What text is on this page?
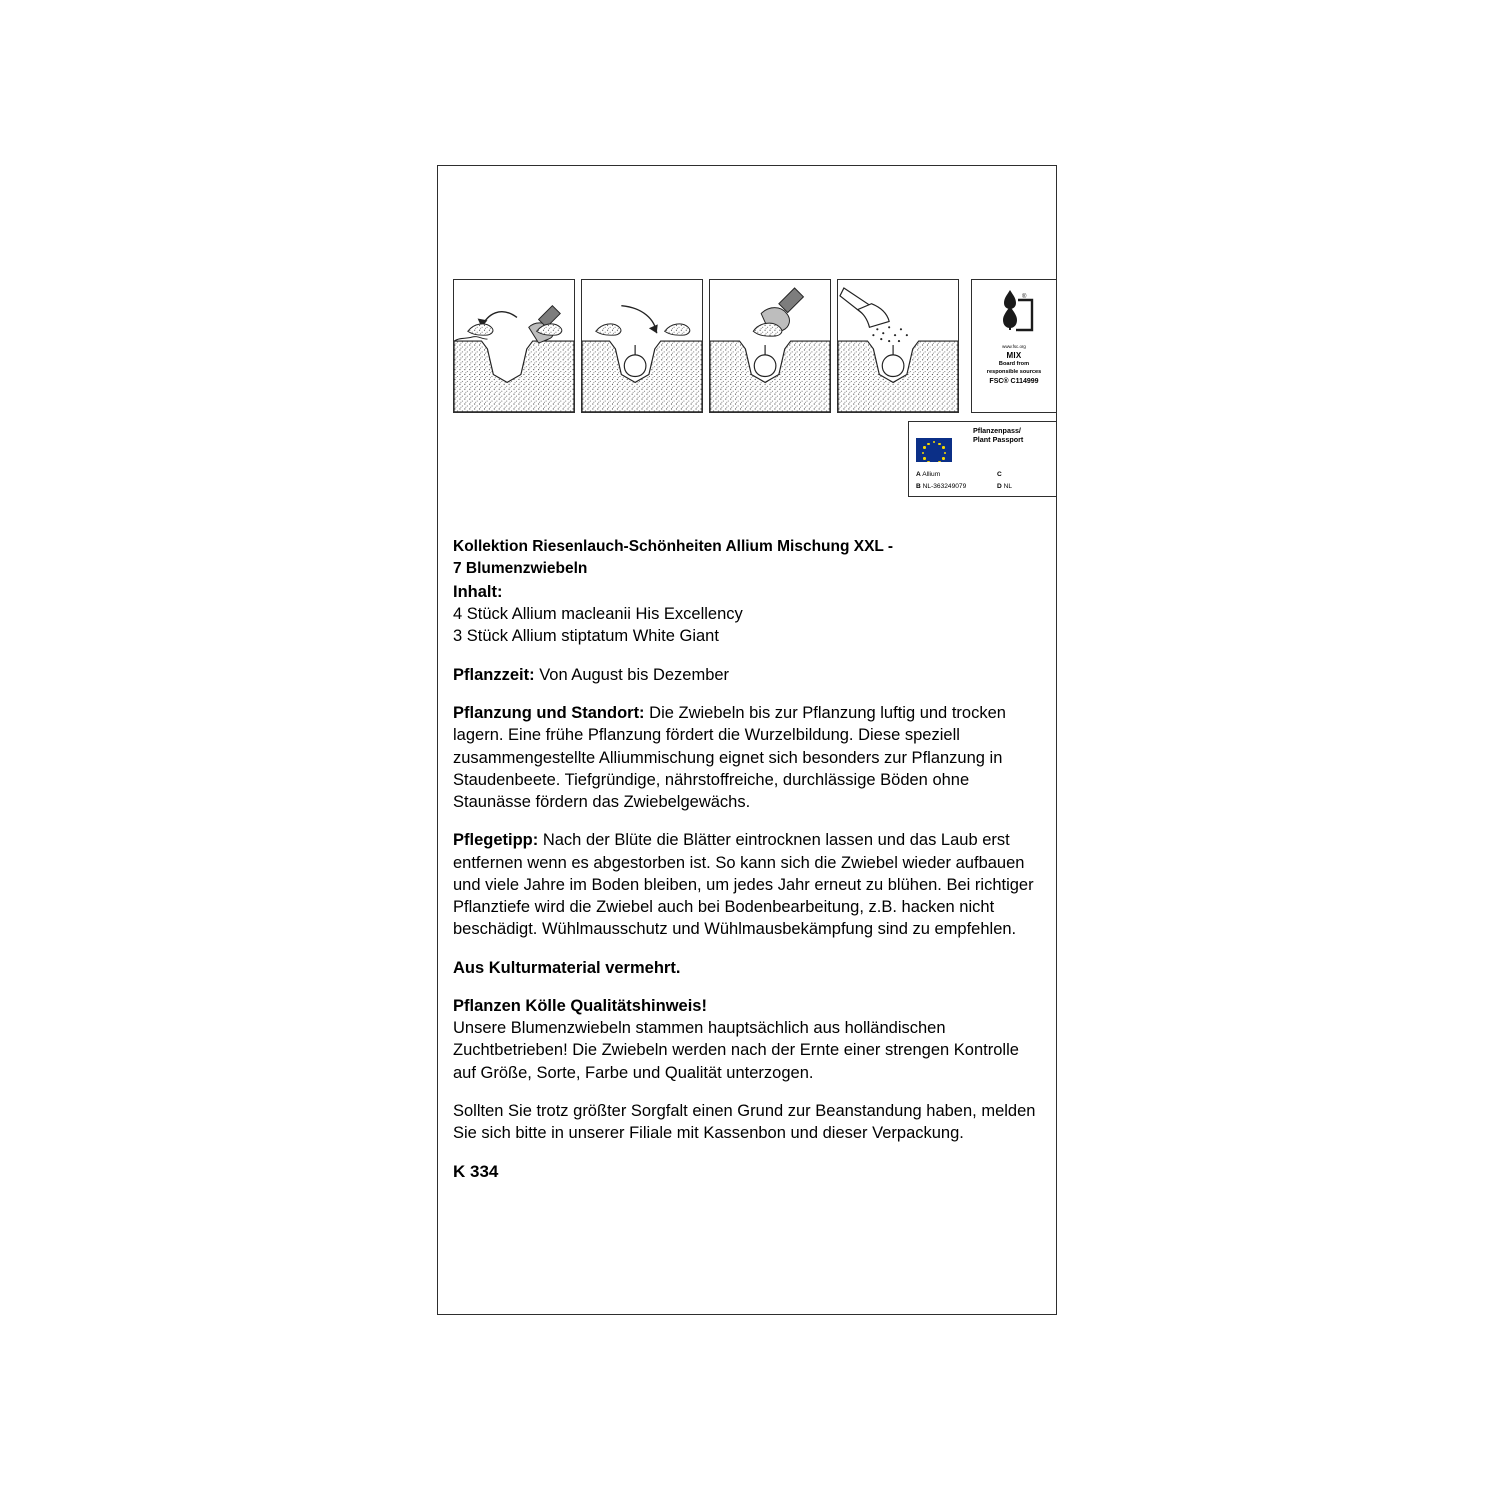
®
www.fsc.org
MIX
Board from
responsible sources
FSC® C114999
Pflanzenpass/
Plant Passport
A Allium
B NL-363249079
C
D NL

Kollektion Riesenlauch-Schönheiten Allium Mischung XXL -

7 Blumenzwiebeln

Inhalt:

4 Stück Allium macleanii His Excellency

3 Stück Allium stiptatum White Giant

Pflanzzeit: Von August bis Dezember

Pflanzung und Standort: Die Zwiebeln bis zur Pflanzung luftig und trocken lagern. Eine frühe Pflanzung fördert die Wurzelbildung. Diese speziell zusammengestellte Alliummischung eignet sich besonders zur Pflanzung in Staudenbeete. Tiefgründige, nährstoffreiche, durchlässige Böden ohne Staunässe fördern das Zwiebelgewächs.

Pflegetipp: Nach der Blüte die Blätter eintrocknen lassen und das Laub erst entfernen wenn es abgestorben ist. So kann sich die Zwiebel wieder aufbauen und viele Jahre im Boden bleiben, um jedes Jahr erneut zu blühen. Bei richtiger Pflanztiefe wird die Zwiebel auch bei Bodenbearbeitung, z.B. hacken nicht beschädigt. Wühlmausschutz und Wühlmausbekämpfung sind zu empfehlen.

Aus Kulturmaterial vermehrt.

Pflanzen Kölle Qualitätshinweis!

Unsere Blumenzwiebeln stammen hauptsächlich aus holländischen Zuchtbetrieben! Die Zwiebeln werden nach der Ernte einer strengen Kontrolle auf Größe, Sorte, Farbe und Qualität unterzogen.

Sollten Sie trotz größter Sorgfalt einen Grund zur Beanstandung haben, melden Sie sich bitte in unserer Filiale mit Kassenbon und dieser Verpackung.

K 334
